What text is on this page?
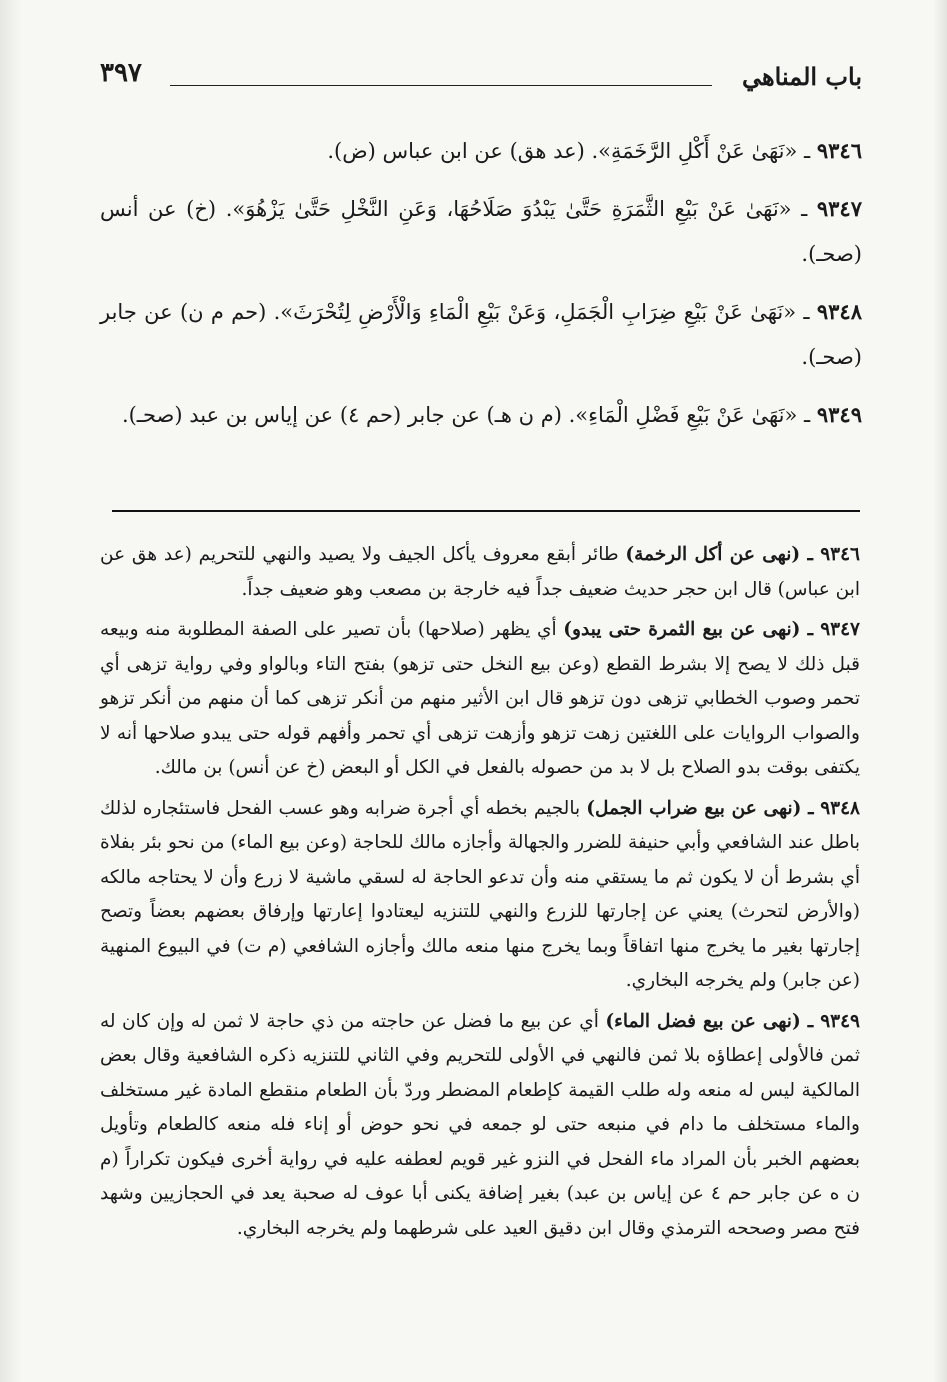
باب المناهي
٣٩٧

٩٣٤٦ ـ «نَهَىٰ عَنْ أَكْلِ الرَّخَمَةِ». (عد هق) عن ابن عباس (ض).

٩٣٤٧ ـ «نَهَىٰ عَنْ بَيْعِ الثَّمَرَةِ حَتَّىٰ يَبْدُوَ صَلَاحُهَا، وَعَنِ النَّخْلِ حَتَّىٰ يَزْهُوَ». (خ) عن أنس (صحـ).

٩٣٤٨ ـ «نَهَىٰ عَنْ بَيْعِ ضِرَابِ الْجَمَلِ، وَعَنْ بَيْعِ الْمَاءِ وَالْأَرْضِ لِتُحْرَثَ». (حم م ن) عن جابر (صحـ).

٩٣٤٩ ـ «نَهَىٰ عَنْ بَيْعِ فَضْلِ الْمَاءِ». (م ن هـ) عن جابر (حم ٤) عن إياس بن عبد (صحـ).

٩٣٤٦ ـ (نهى عن أكل الرخمة) طائر أبقع معروف يأكل الجيف ولا يصيد والنهي للتحريم (عد هق عن ابن عباس) قال ابن حجر حديث ضعيف جداً فيه خارجة بن مصعب وهو ضعيف جداً.

٩٣٤٧ ـ (نهى عن بيع الثمرة حتى يبدو) أي يظهر (صلاحها) بأن تصير على الصفة المطلوبة منه وبيعه قبل ذلك لا يصح إلا بشرط القطع (وعن بيع النخل حتى تزهو) بفتح التاء وبالواو وفي رواية تزهى أي تحمر وصوب الخطابي تزهى دون تزهو قال ابن الأثير منهم من أنكر تزهى كما أن منهم من أنكر تزهو والصواب الروايات على اللغتين زهت تزهو وأزهت تزهى أي تحمر وأفهم قوله حتى يبدو صلاحها أنه لا يكتفى بوقت بدو الصلاح بل لا بد من حصوله بالفعل في الكل أو البعض (خ عن أنس) بن مالك.

٩٣٤٨ ـ (نهى عن بيع ضراب الجمل) بالجيم بخطه أي أجرة ضرابه وهو عسب الفحل فاستئجاره لذلك باطل عند الشافعي وأبي حنيفة للضرر والجهالة وأجازه مالك للحاجة (وعن بيع الماء) من نحو بئر بفلاة أي بشرط أن لا يكون ثم ما يستقي منه وأن تدعو الحاجة له لسقي ماشية لا زرع وأن لا يحتاجه مالكه (والأرض لتحرث) يعني عن إجارتها للزرع والنهي للتنزيه ليعتادوا إعارتها وإرفاق بعضهم بعضاً وتصح إجارتها بغير ما يخرج منها اتفاقاً وبما يخرج منها منعه مالك وأجازه الشافعي (م ت) في البيوع المنهية (عن جابر) ولم يخرجه البخاري.

٩٣٤٩ ـ (نهى عن بيع فضل الماء) أي عن بيع ما فضل عن حاجته من ذي حاجة لا ثمن له وإن كان له ثمن فالأولى إعطاؤه بلا ثمن فالنهي في الأولى للتحريم وفي الثاني للتنزيه ذكره الشافعية وقال بعض المالكية ليس له منعه وله طلب القيمة كإطعام المضطر وردّ بأن الطعام منقطع المادة غير مستخلف والماء مستخلف ما دام في منبعه حتى لو جمعه في نحو حوض أو إناء فله منعه كالطعام وتأويل بعضهم الخبر بأن المراد ماء الفحل في النزو غير قويم لعطفه عليه في رواية أخرى فيكون تكراراً (م ن ه عن جابر حم ٤ عن إياس بن عبد) بغير إضافة يكنى أبا عوف له صحبة يعد في الحجازيين وشهد فتح مصر وصححه الترمذي وقال ابن دقيق العيد على شرطهما ولم يخرجه البخاري.
